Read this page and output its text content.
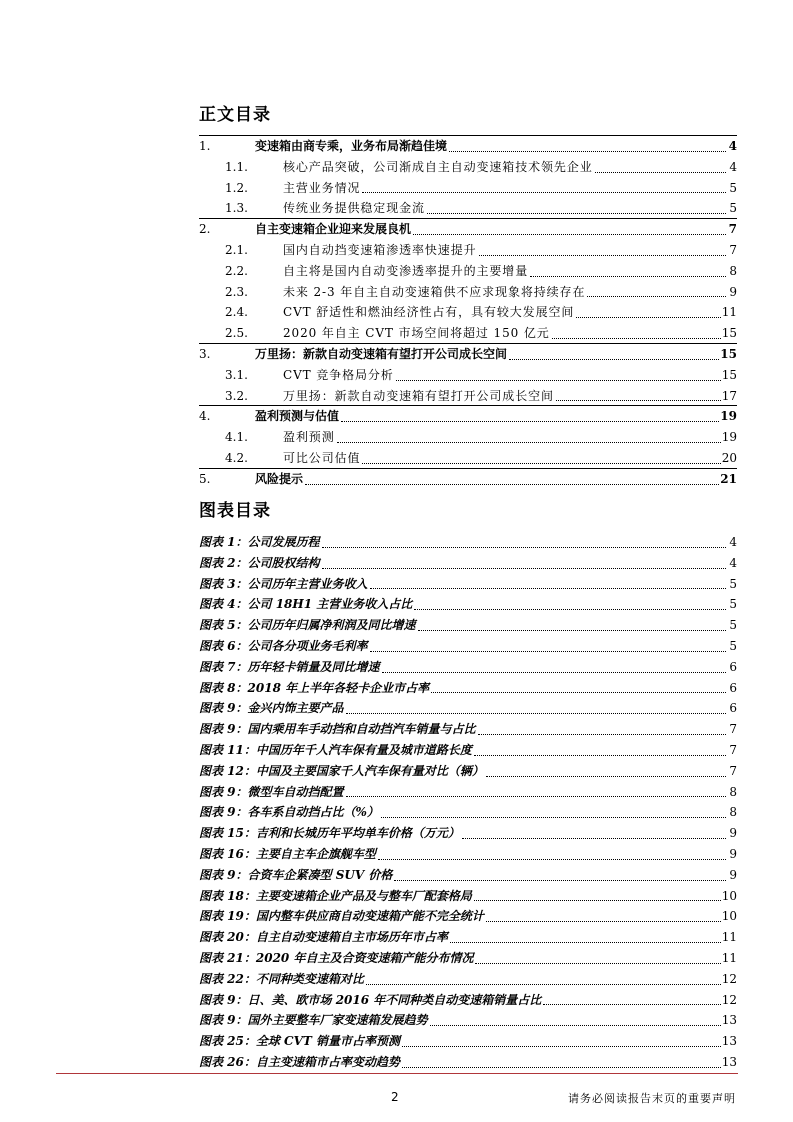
正文目录
1.	变速箱由商专乘，业务布局渐趋佳境	4
1.1.	核心产品突破，公司渐成自主自动变速箱技术领先企业	4
1.2.	主营业务情况	5
1.3.	传统业务提供稳定现金流	5
2.	自主变速箱企业迎来发展良机	7
2.1.	国内自动挡变速箱渗透率快速提升	7
2.2.	自主将是国内自动变渗透率提升的主要增量	8
2.3.	未来 2-3 年自主自动变速箱供不应求现象将持续存在	9
2.4.	CVT 舒适性和燃油经济性占有，具有较大发展空间	11
2.5.	2020 年自主 CVT 市场空间将超过 150 亿元	15
3.	万里扬：新款自动变速箱有望打开公司成长空间	15
3.1.	CVT 竞争格局分析	15
3.2.	万里扬：新款自动变速箱有望打开公司成长空间	17
4.	盈利预测与估值	19
4.1.	盈利预测	19
4.2.	可比公司估值	20
5.	风险提示	21
图表目录
图表 1：公司发展历程	4
图表 2：公司股权结构	4
图表 3：公司历年主营业务收入	5
图表 4：公司 18H1 主营业务收入占比	5
图表 5：公司历年归属净利润及同比增速	5
图表 6：公司各分项业务毛利率	5
图表 7：历年轻卡销量及同比增速	6
图表 8：2018 年上半年各轻卡企业市占率	6
图表 9：金兴内饰主要产品	6
图表 9：国内乘用车手动挡和自动挡汽车销量与占比	7
图表 11：中国历年千人汽车保有量及城市道路长度	7
图表 12：中国及主要国家千人汽车保有量对比（辆）	7
图表 9：微型车自动挡配置	8
图表 9：各车系自动挡占比（%）	8
图表 15：吉利和长城历年平均单车价格（万元）	9
图表 16：主要自主车企旗舰车型	9
图表 9：合资车企紧凑型 SUV 价格	9
图表 18：主要变速箱企业产品及与整车厂配套格局	10
图表 19：国内整车供应商自动变速箱产能不完全统计	10
图表 20：自主自动变速箱自主市场历年市占率	11
图表 21：2020 年自主及合资变速箱产能分布情况	11
图表 22：不同种类变速箱对比	12
图表 9：日、美、欧市场 2016 年不同种类自动变速箱销量占比	12
图表 9：国外主要整车厂家变速箱发展趋势	13
图表 25：全球 CVT 销量市占率预测	13
图表 26：自主变速箱市占率变动趋势	13
2	请务必阅读报告末页的重要声明
